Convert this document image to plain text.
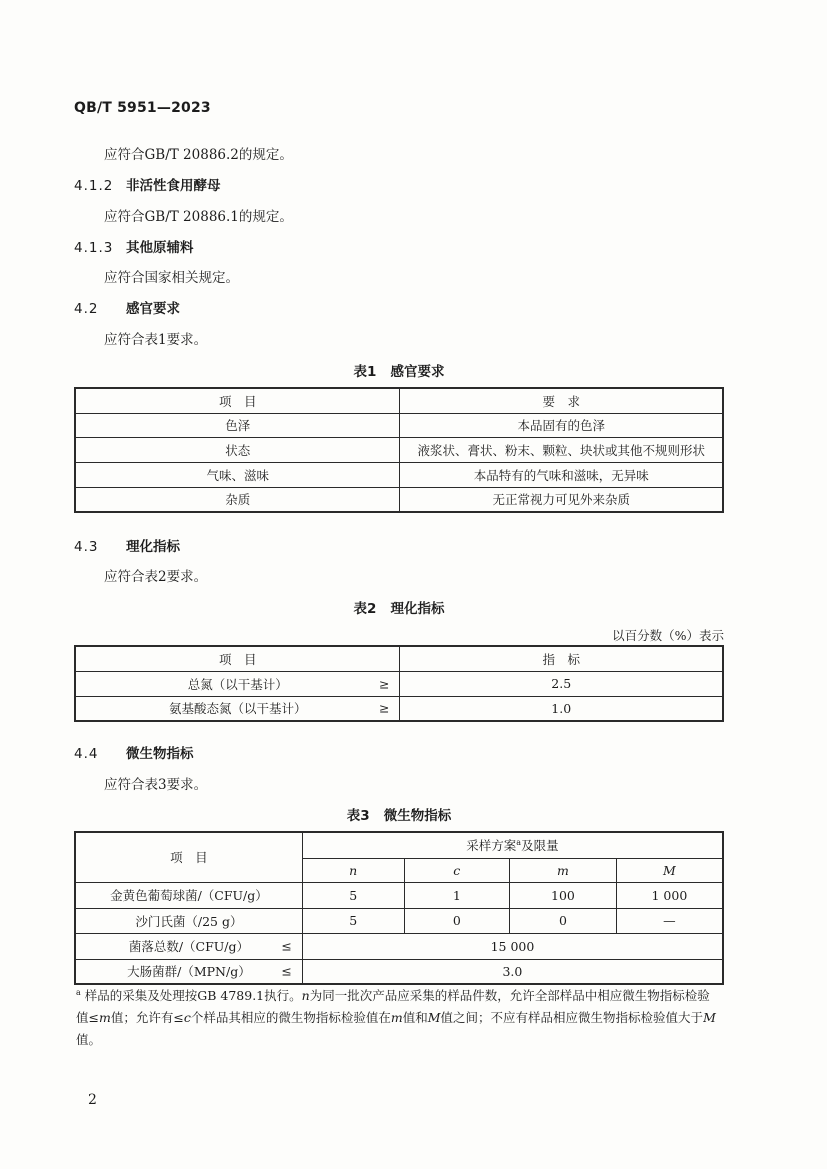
QB/T 5951—2023
应符合GB/T 20886.2的规定。
4.1.2 非活性食用酵母
应符合GB/T 20886.1的规定。
4.1.3 其他原辅料
应符合国家相关规定。
4.2 感官要求
应符合表1要求。
表1 感官要求
项　目	要　求
色泽	本品固有的色泽
状态	液浆状、膏状、粉末、颗粒、块状或其他不规则形状
气味、滋味	本品特有的气味和滋味，无异味
杂质	无正常视力可见外来杂质
4.3 理化指标
应符合表2要求。
表2 理化指标
以百分数（%）表示
项　目	指　标
总氮（以干基计） ≥	2.5
氨基酸态氮（以干基计） ≥	1.0
4.4 微生物指标
应符合表3要求。
表3 微生物指标
项　目	采样方案$^a$及限量			
	n	c	m	M
金黄色葡萄球菌/（CFU/g）	5	1	100	1 000
沙门氏菌（/25 g）	5	0	0	—
菌落总数/（CFU/g） ≤	15 000			
大肠菌群/（MPN/g） ≤	3.0			
$^a$ 样品的采集及处理按GB 4789.1执行。n为同一批次产品应采集的样品件数，允许全部样品中相应微生物指标检验值≤m值；允许有≤c个样品其相应的微生物指标检验值在m值和M值之间；不应有样品相应微生物指标检验值大于M值。
2
